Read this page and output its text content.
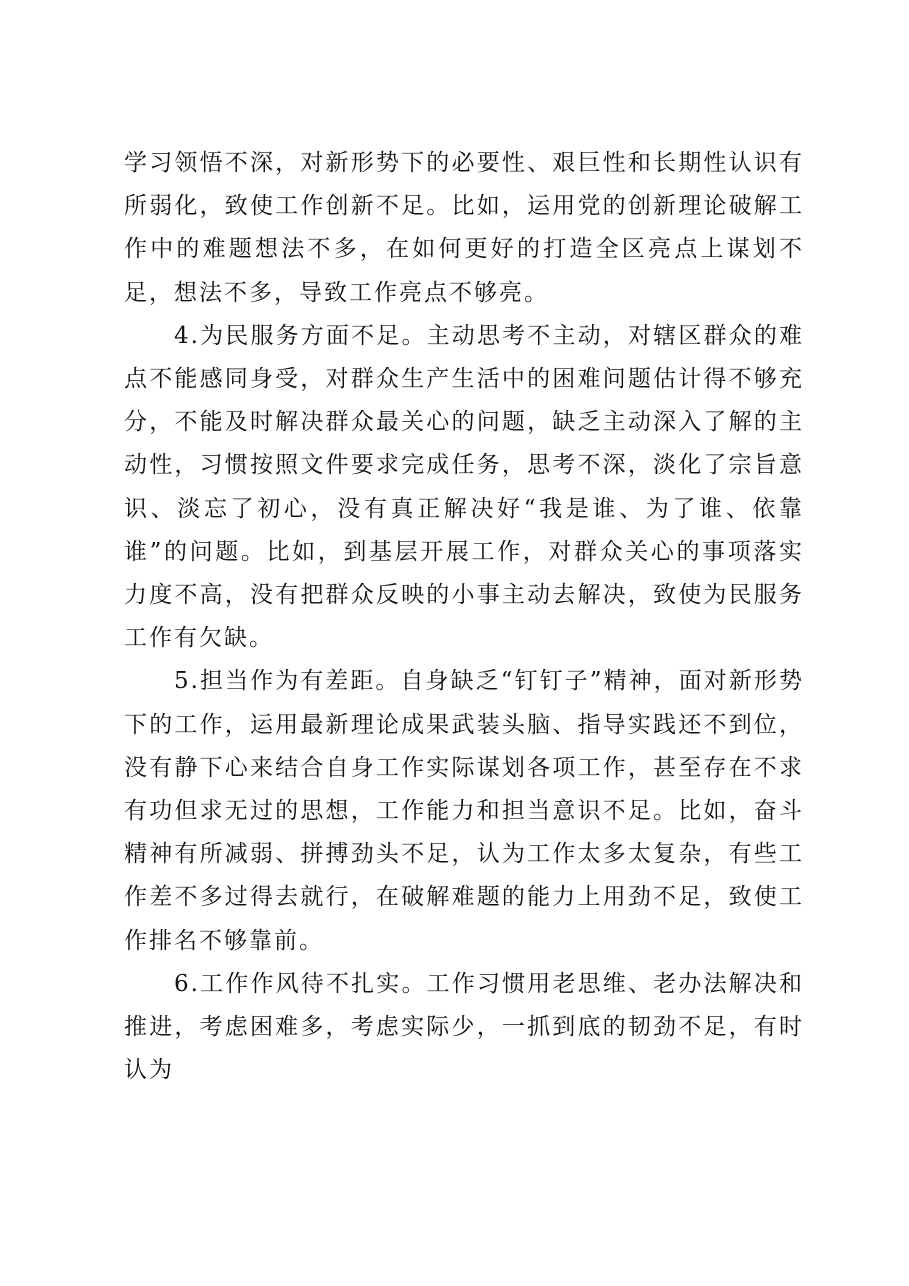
学习领悟不深，对新形势下的必要性、艰巨性和长期性认识有所弱化，致使工作创新不足。比如，运用党的创新理论破解工作中的难题想法不多，在如何更好的打造全区亮点上谋划不足，想法不多，导致工作亮点不够亮。

4.为民服务方面不足。主动思考不主动，对辖区群众的难点不能感同身受，对群众生产生活中的困难问题估计得不够充分，不能及时解决群众最关心的问题，缺乏主动深入了解的主动性，习惯按照文件要求完成任务，思考不深，淡化了宗旨意识、淡忘了初心，没有真正解决好“我是谁、为了谁、依靠谁”的问题。比如，到基层开展工作，对群众关心的事项落实力度不高，没有把群众反映的小事主动去解决，致使为民服务工作有欠缺。

5.担当作为有差距。自身缺乏“钉钉子”精神，面对新形势下的工作，运用最新理论成果武装头脑、指导实践还不到位，没有静下心来结合自身工作实际谋划各项工作，甚至存在不求有功但求无过的思想，工作能力和担当意识不足。比如，奋斗精神有所减弱、拼搏劲头不足，认为工作太多太复杂，有些工作差不多过得去就行，在破解难题的能力上用劲不足，致使工作排名不够靠前。

6.工作作风待不扎实。工作习惯用老思维、老办法解决和推进，考虑困难多，考虑实际少，一抓到底的韧劲不足，有时认为
